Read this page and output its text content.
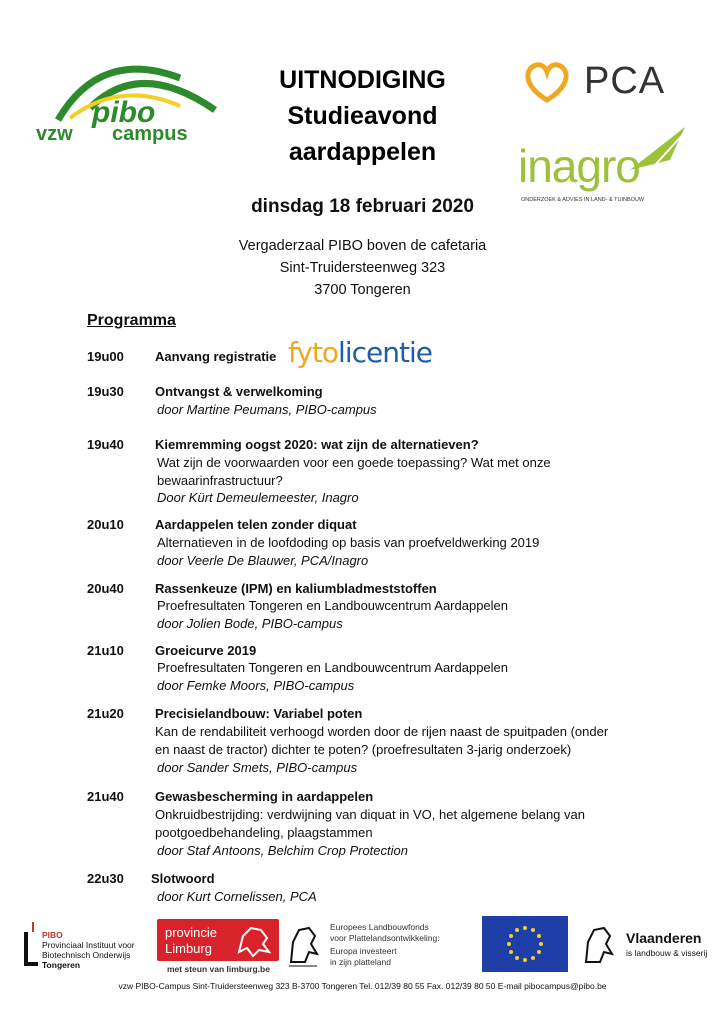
vzw
pibo
campus
UITNODIGING
Studieavond
aardappelen
dinsdag 18 februari 2020
Vergaderzaal PIBO boven de cafetaria
Sint-Truidersteenweg 323
3700 Tongeren
PCA
inagro
ONDERZOEK & ADVIES IN LAND- & TUINBOUW
Programma
19u00 Aanvang registratie fytolicentie
19u30 Ontvangst & verwelkoming
door Martine Peumans, PIBO-campus
19u40 Kiemremming oogst 2020: wat zijn de alternatieven?
Wat zijn de voorwaarden voor een goede toepassing? Wat met onze
bewaarinfrastructuur?
Door Kürt Demeulemeester, Inagro
20u10 Aardappelen telen zonder diquat
Alternatieven in de loofdoding op basis van proefveldwerking 2019
door Veerle De Blauwer, PCA/Inagro
20u40 Rassenkeuze (IPM) en kaliumbladmeststoffen
Proefresultaten Tongeren en Landbouwcentrum Aardappelen
door Jolien Bode, PIBO-campus
21u10 Groeicurve 2019
Proefresultaten Tongeren en Landbouwcentrum Aardappelen
door Femke Moors, PIBO-campus
21u20 Precisielandbouw: Variabel poten
Kan de rendabiliteit verhoogd worden door de rijen naast de spuitpaden (onder
en naast de tractor) dichter te poten? (proefresultaten 3-jarig onderzoek)
door Sander Smets, PIBO-campus
21u40 Gewasbescherming in aardappelen
Onkruidbestrijding: verdwijning van diquat in VO, het algemene belang van
pootgoedbehandeling, plaagstammen
door Staf Antoons, Belchim Crop Protection
22u30 Slotwoord
door Kurt Cornelissen, PCA
PIBO
Provinciaal Instituut voor
Biotechnisch Onderwijs
Tongeren
provincie
Limburg
met steun van limburg.be
Europees Landbouwfonds
voor Plattelandsontwikkeling:
Europa investeert
in zijn platteland
Vlaanderen
is landbouw & visserij
vzw PIBO-Campus Sint-Truidersteenweg 323 B-3700 Tongeren Tel. 012/39 80 55 Fax. 012/39 80 50 E-mail pibocampus@pibo.be
